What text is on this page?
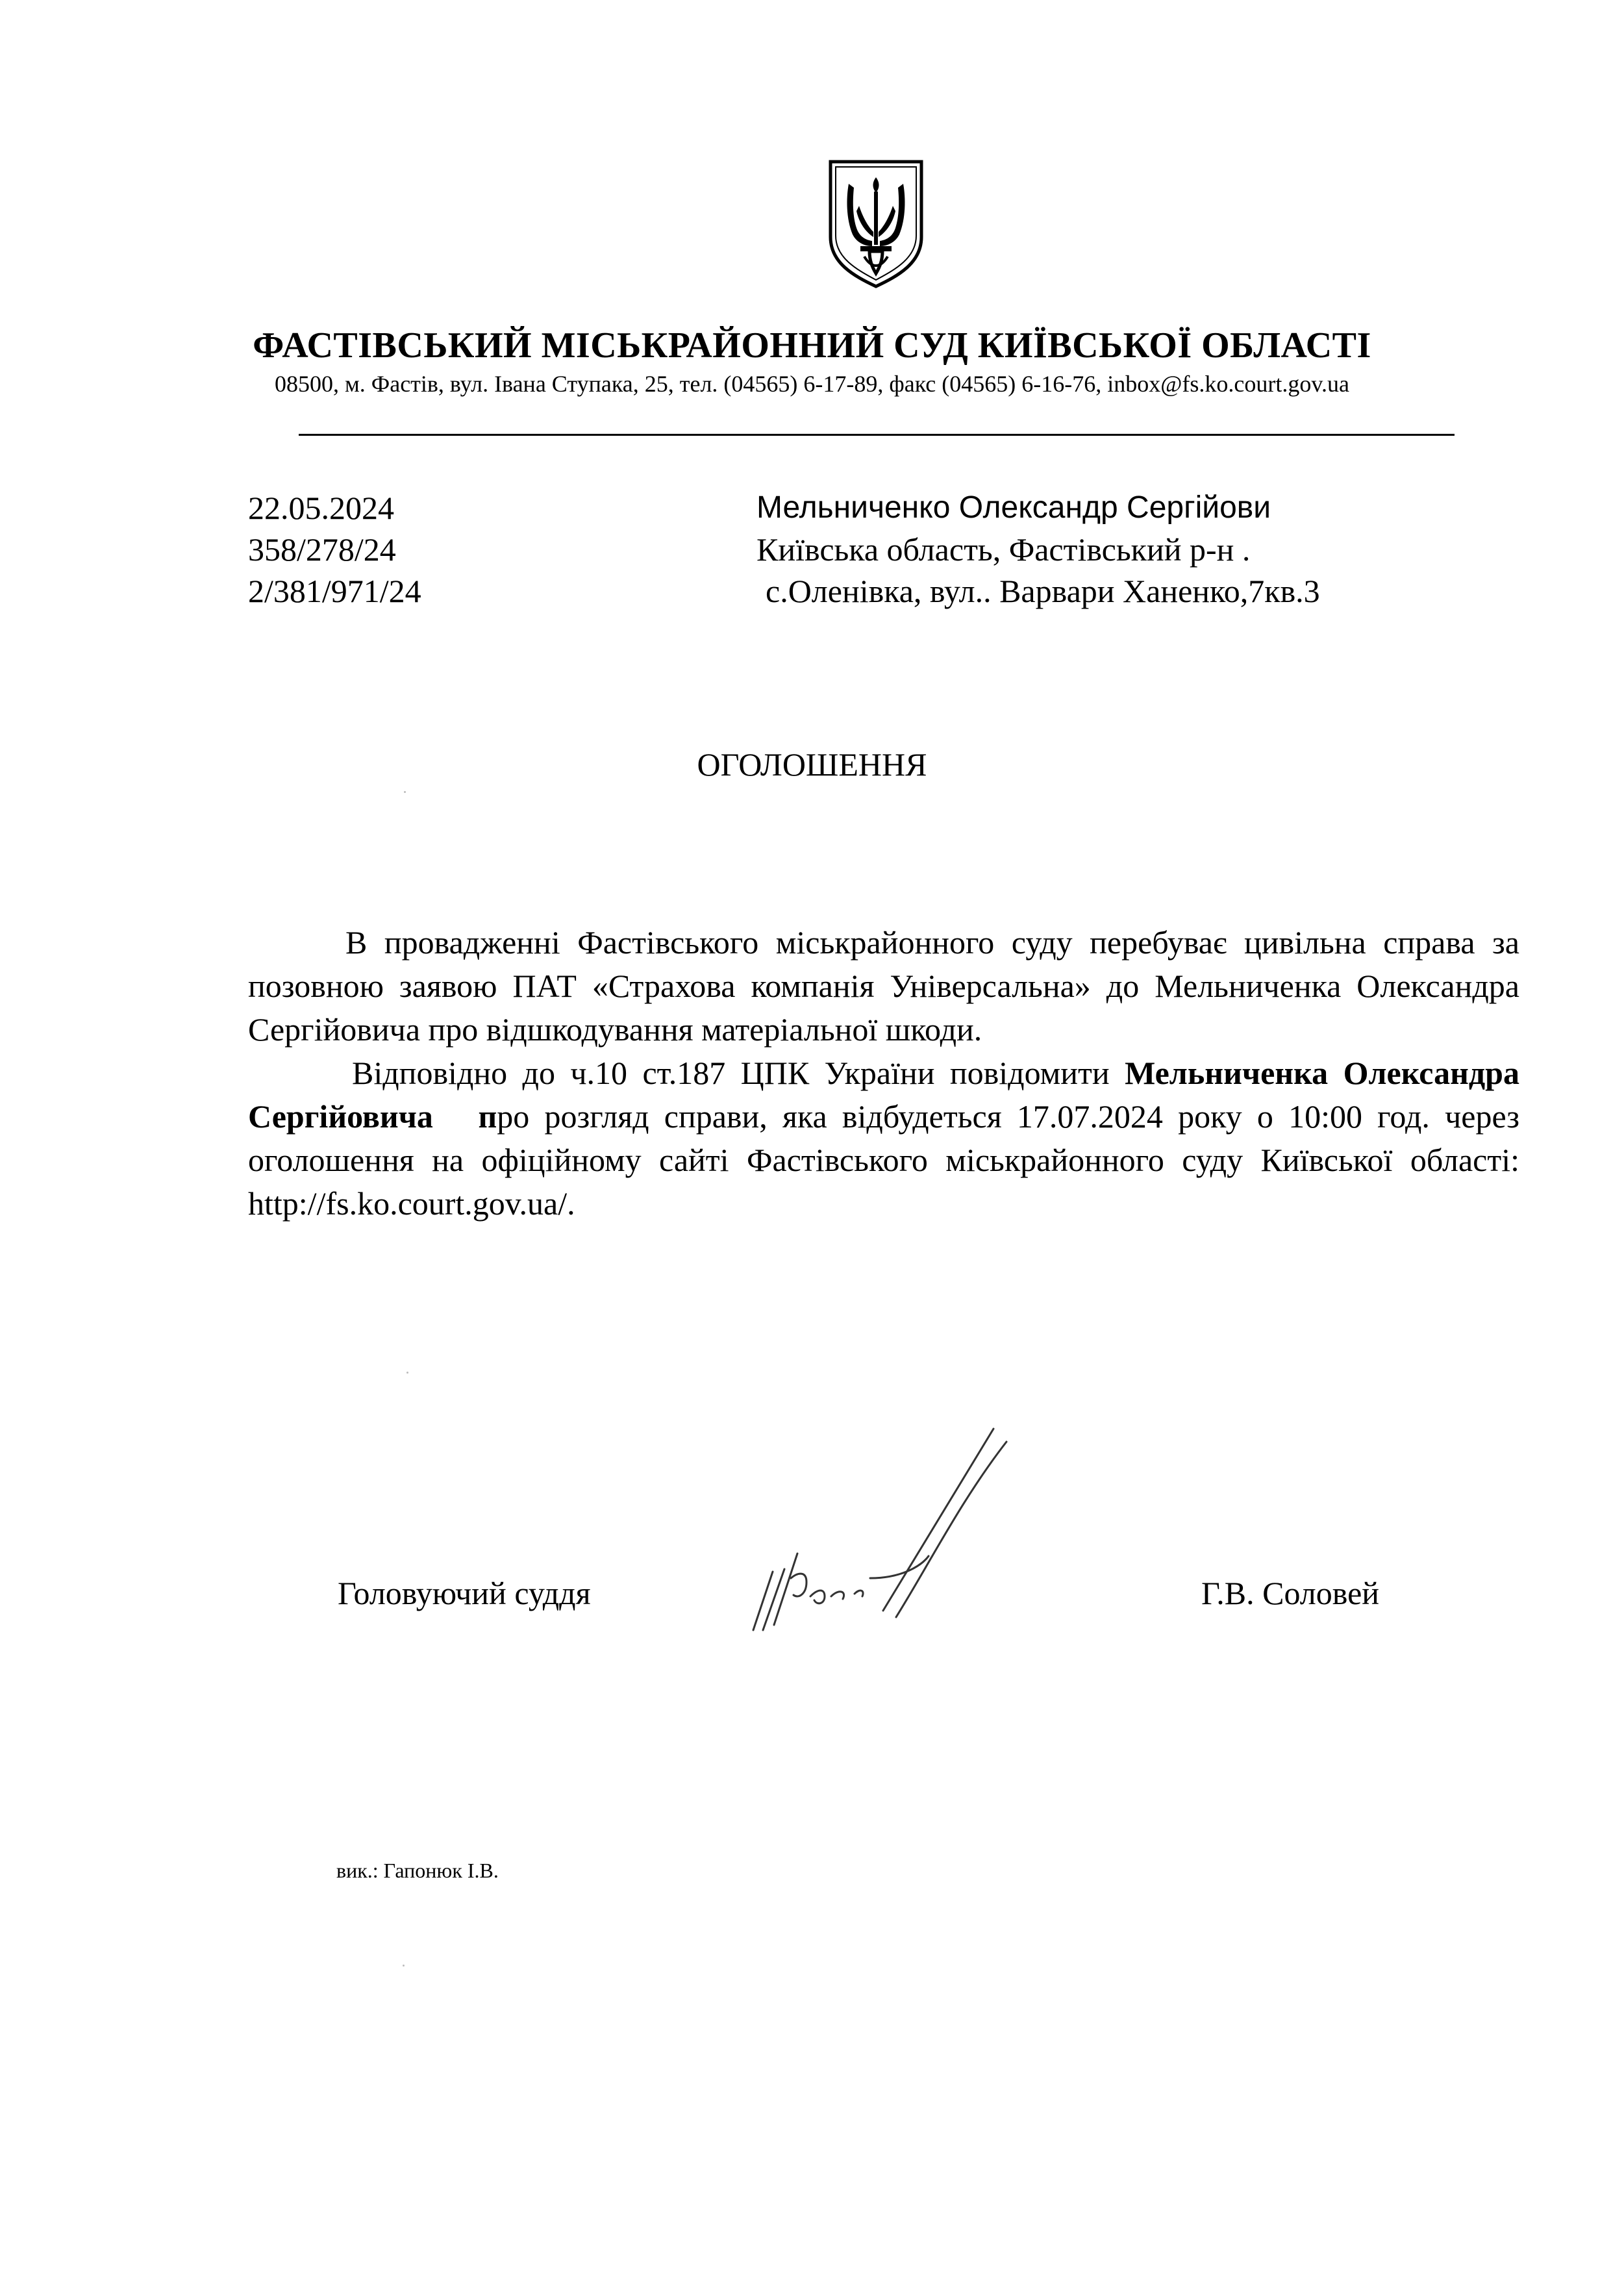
ФАСТІВСЬКИЙ МІСЬКРАЙОННИЙ СУД КИЇВСЬКОЇ ОБЛАСТІ
08500, м. Фастів, вул. Івана Ступака, 25, тел. (04565) 6-17-89, факс (04565) 6-16-76, inbox@fs.ko.court.gov.ua
22.05.2024
358/278/24
2/381/971/24
Мельниченко Олександр Сергійови
Київська область, Фастівський р-н .
с.Оленівка, вул.. Варвари Ханенко,7кв.3
ОГОЛОШЕННЯ

В провадженні Фастівського міськрайонного суду перебуває цивільна справа за позовною заявою ПАТ «Страхова компанія Універсальна» до Мельниченка Олександра Сергійовича про відшкодування матеріальної шкоди.

Відповідно до ч.10 ст.187 ЦПК України повідомити Мельниченка Олександра Сергійовича про розгляд справи, яка відбудеться 17.07.2024 року о 10:00 год. через оголошення на офіційному сайті Фастівського міськрайонного суду Київської області: http://fs.ko.court.gov.ua/.

Головуючий суддя	Г.В. Соловей
вик.: Гапонюк І.В.
